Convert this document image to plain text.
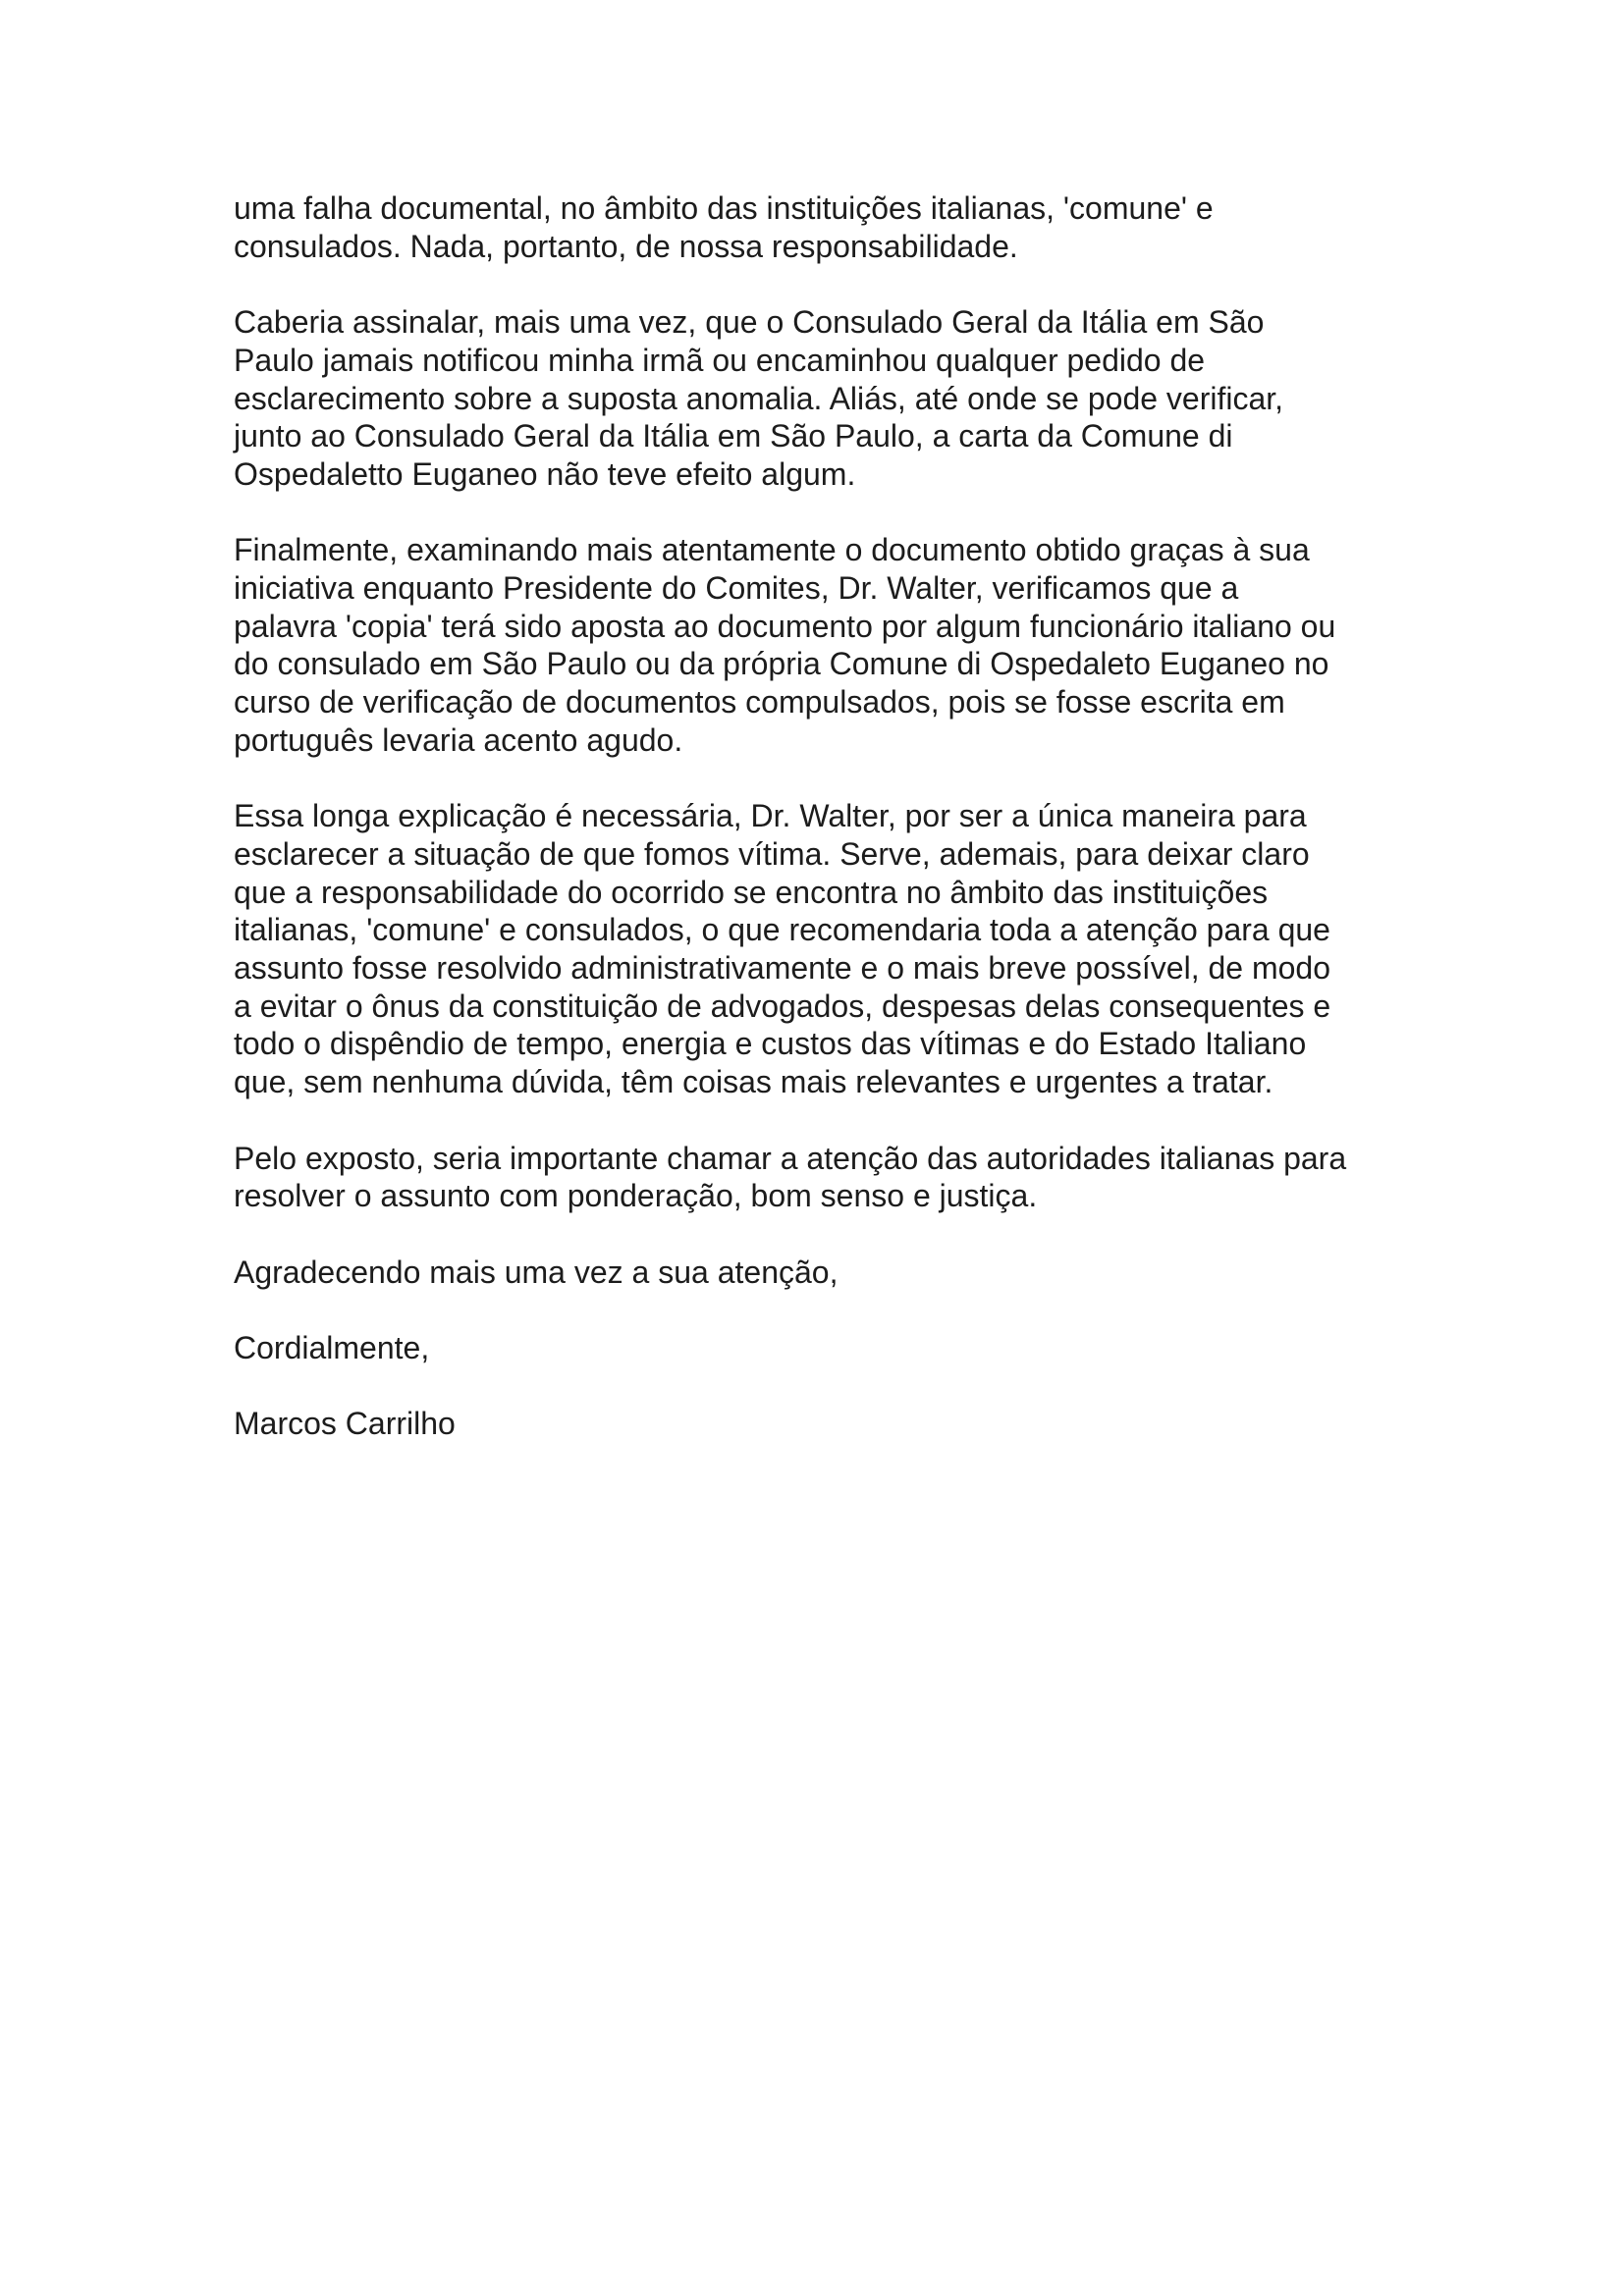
uma falha documental, no âmbito das instituições italianas, 'comune' e
consulados. Nada, portanto, de nossa responsabilidade.

Caberia assinalar, mais uma vez, que o Consulado Geral da Itália em São
Paulo jamais notificou minha irmã ou encaminhou qualquer pedido de
esclarecimento sobre a suposta anomalia. Aliás, até onde se pode verificar,
junto ao Consulado Geral da Itália em São Paulo, a carta da Comune di
Ospedaletto Euganeo não teve efeito algum.

Finalmente, examinando mais atentamente o documento obtido graças à sua
iniciativa enquanto Presidente do Comites, Dr. Walter, verificamos que a
palavra 'copia' terá sido aposta ao documento por algum funcionário italiano ou
do consulado em São Paulo ou da própria Comune di Ospedaleto Euganeo no
curso de verificação de documentos compulsados, pois se fosse escrita em
português levaria acento agudo.

Essa longa explicação é necessária, Dr. Walter, por ser a única maneira para
esclarecer a situação de que fomos vítima. Serve, ademais, para deixar claro
que a responsabilidade do ocorrido se encontra no âmbito das instituições
italianas, 'comune' e consulados, o que recomendaria toda a atenção para que
assunto fosse resolvido administrativamente e o mais breve possível, de modo
a evitar o ônus da constituição de advogados, despesas delas consequentes e
todo o dispêndio de tempo, energia e custos das vítimas e do Estado Italiano
que, sem nenhuma dúvida, têm coisas mais relevantes e urgentes a tratar.

Pelo exposto, seria importante chamar a atenção das autoridades italianas para
resolver o assunto com ponderação, bom senso e justiça.

Agradecendo mais uma vez a sua atenção,

Cordialmente,

Marcos Carrilho
